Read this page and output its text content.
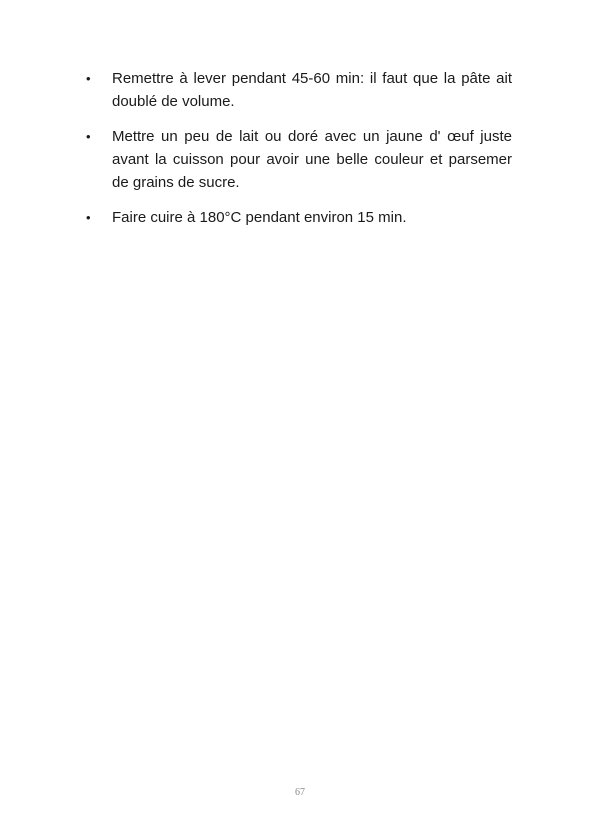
•	Remettre à lever pendant 45-60 min: il faut que la pâte ait doublé de volume.
•	Mettre un peu de lait ou doré avec un jaune d' œuf juste avant la cuisson pour avoir une belle couleur et parsemer de grains de sucre.
•	Faire cuire à 180°C pendant environ 15 min.
67
